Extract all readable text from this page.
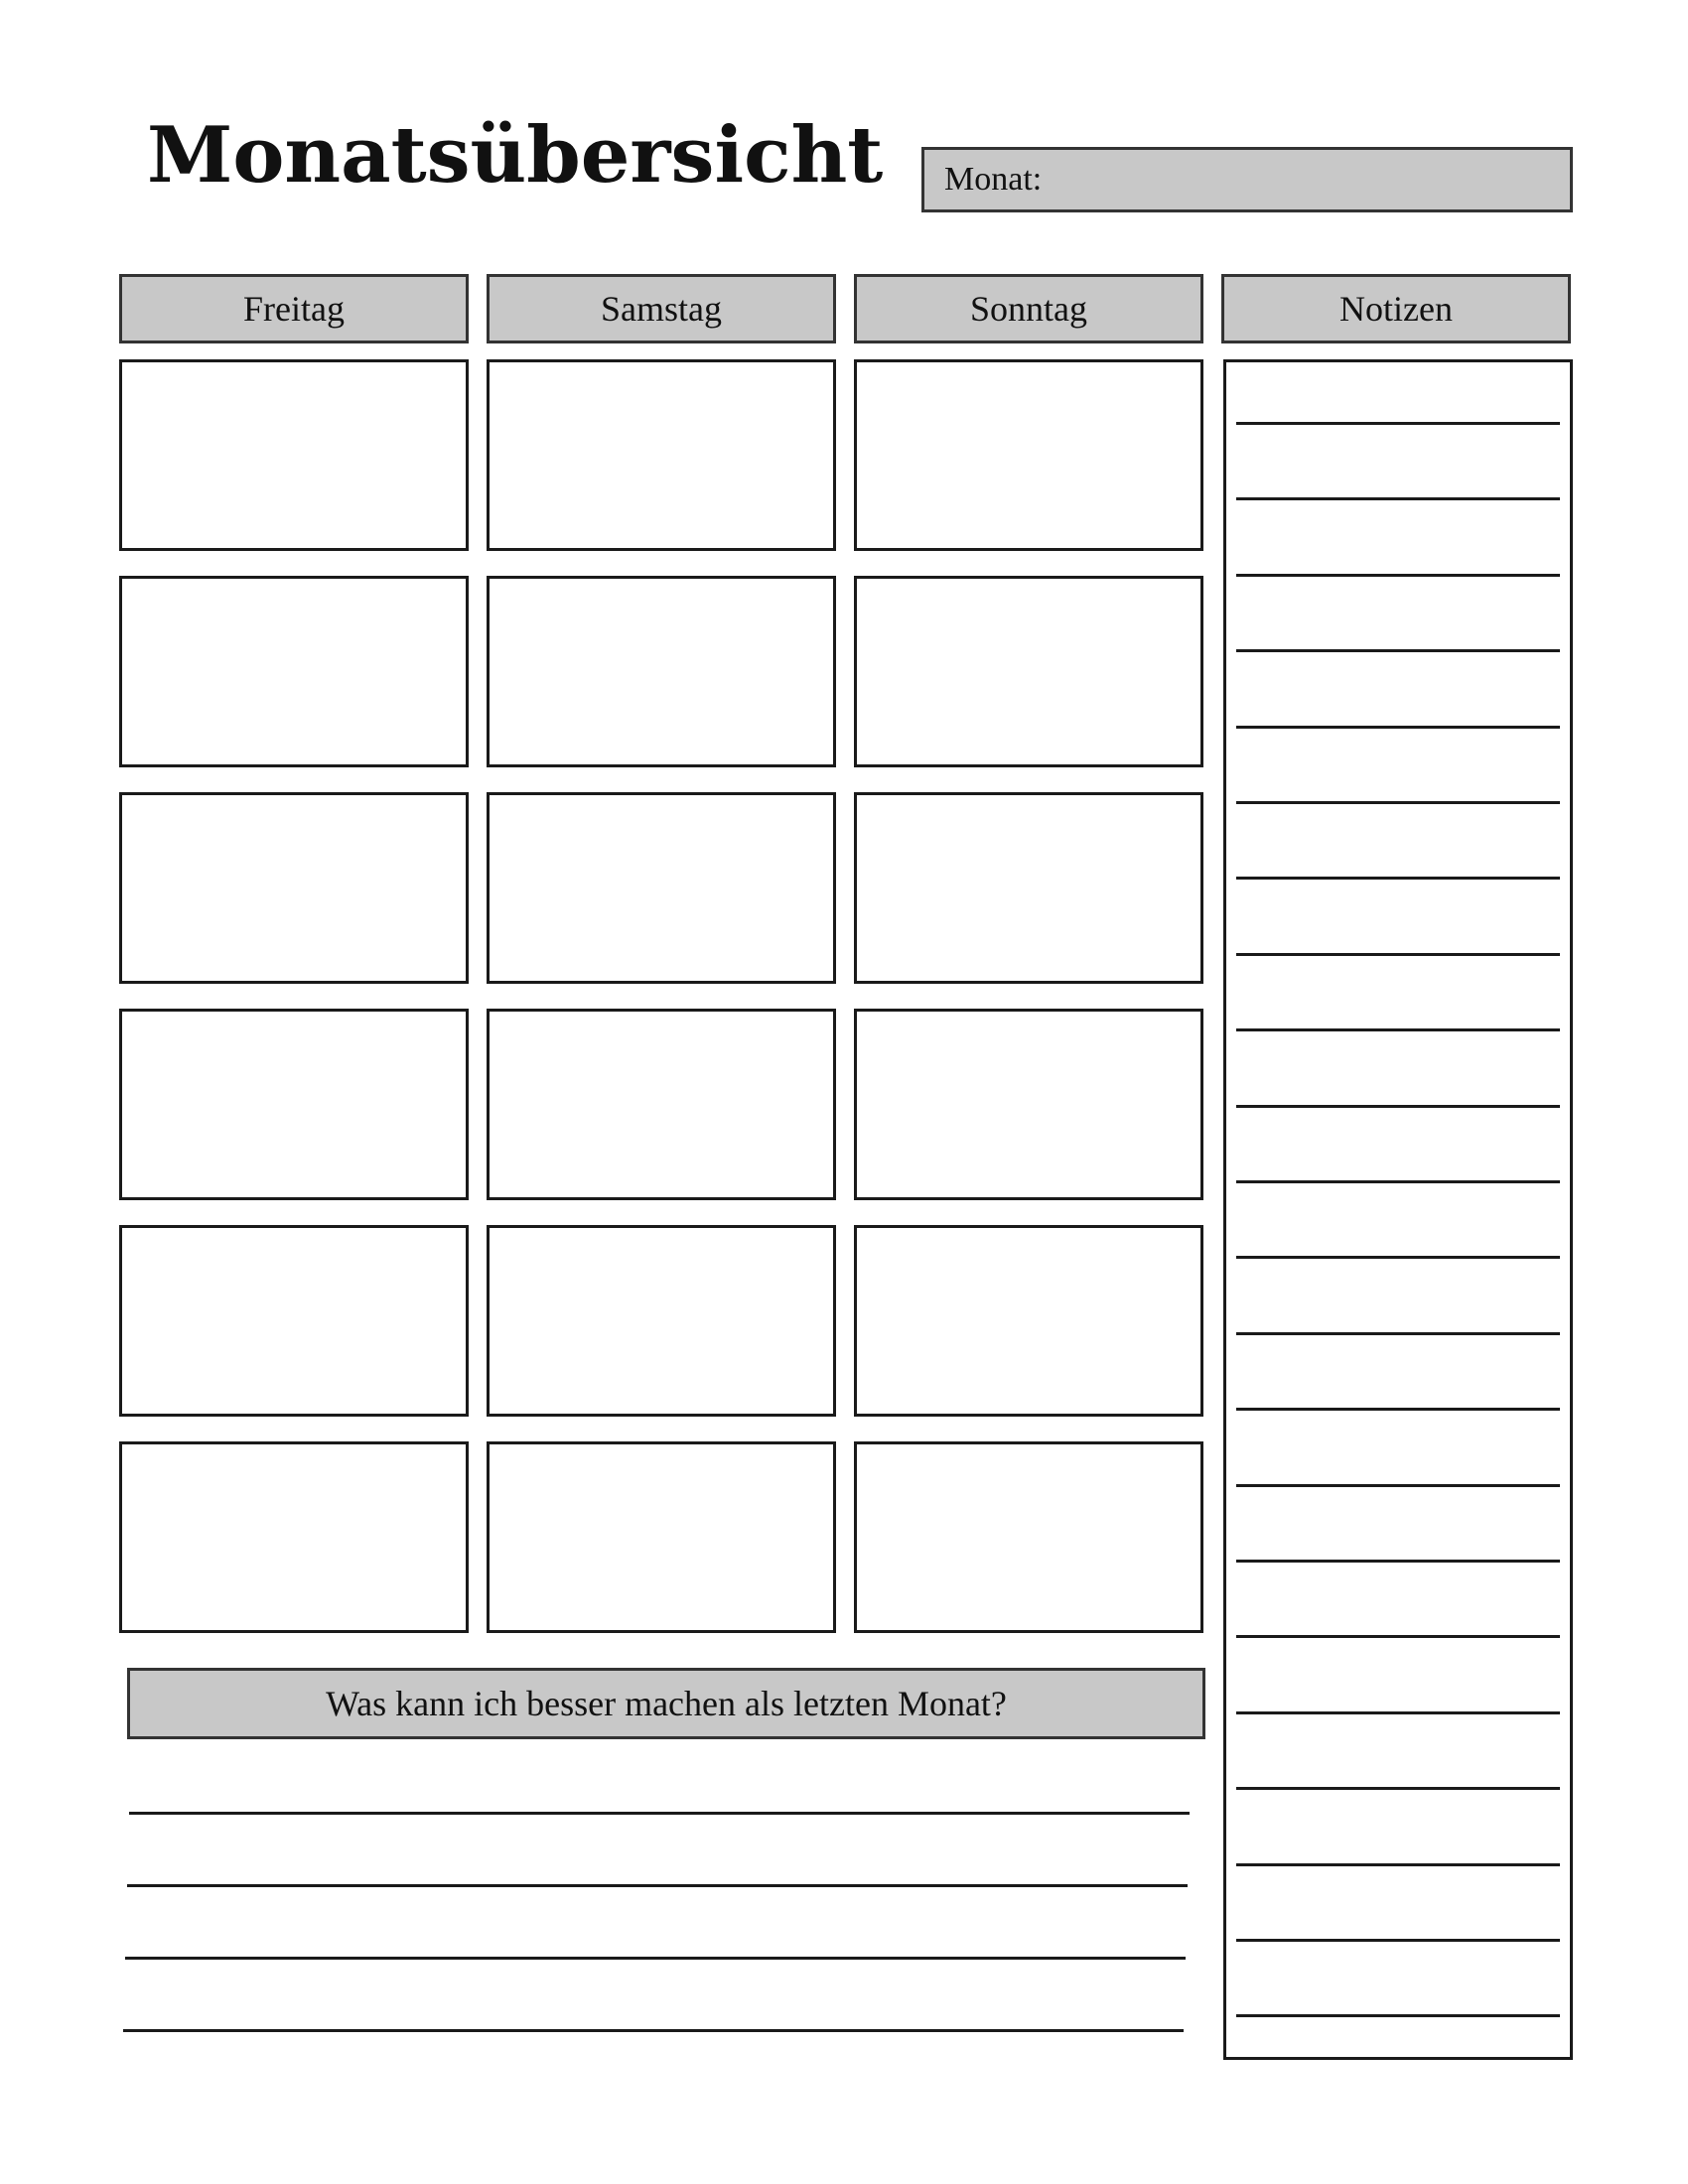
Monatsübersicht Monat:
Freitag	Samstag	Sonntag	Notizen
Was kann ich besser machen als letzten Monat?
